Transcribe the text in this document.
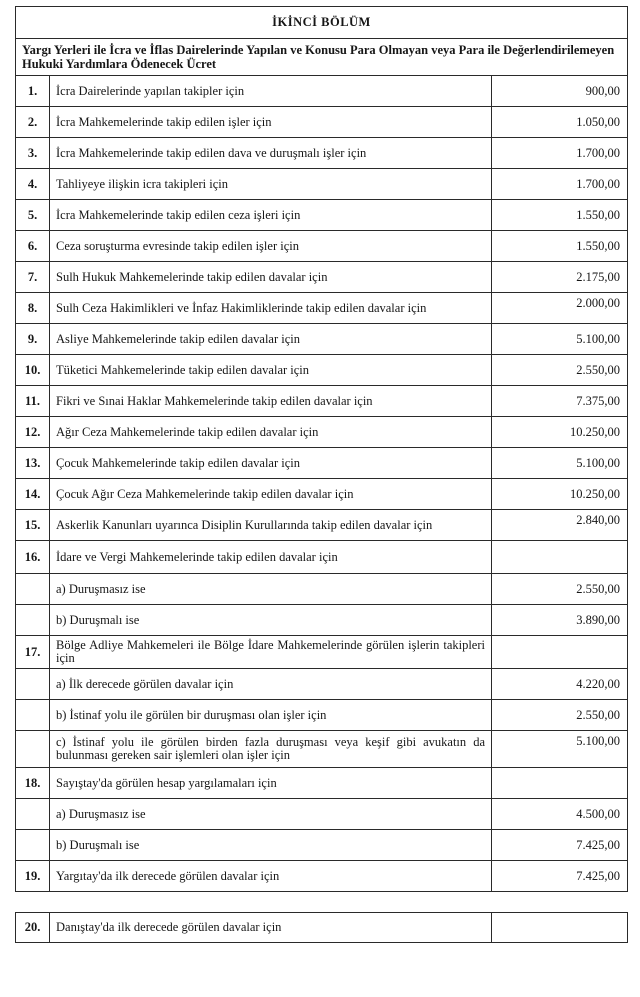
İKİNCİ BÖLÜM		
Yargı Yerleri ile İcra ve İflas Dairelerinde Yapılan ve Konusu Para Olmayan veya Para ile Değerlendirilemeyen Hukuki Yardımlara Ödenecek Ücret		
1.	İcra Dairelerinde yapılan takipler için	900,00
2.	İcra Mahkemelerinde takip edilen işler için	1.050,00
3.	İcra Mahkemelerinde takip edilen dava ve duruşmalı işler için	1.700,00
4.	Tahliyeye ilişkin icra takipleri için	1.700,00
5.	İcra Mahkemelerinde takip edilen ceza işleri için	1.550,00
6.	Ceza soruşturma evresinde takip edilen işler için	1.550,00
7.	Sulh Hukuk Mahkemelerinde takip edilen davalar için	2.175,00
8.	Sulh Ceza Hakimlikleri ve İnfaz Hakimliklerinde takip edilen davalar için	2.000,00
9.	Asliye Mahkemelerinde takip edilen davalar için	5.100,00
10.	Tüketici Mahkemelerinde takip edilen davalar için	2.550,00
11.	Fikri ve Sınai Haklar Mahkemelerinde takip edilen davalar için	7.375,00
12.	Ağır Ceza Mahkemelerinde takip edilen davalar için	10.250,00
13.	Çocuk Mahkemelerinde takip edilen davalar için	5.100,00
14.	Çocuk Ağır Ceza Mahkemelerinde takip edilen davalar için	10.250,00
15.	Askerlik Kanunları uyarınca Disiplin Kurullarında takip edilen davalar için	2.840,00
16.	İdare ve Vergi Mahkemelerinde takip edilen davalar için	
	a) Duruşmasız ise	2.550,00
	b) Duruşmalı ise	3.890,00
17.	Bölge Adliye Mahkemeleri ile Bölge İdare Mahkemelerinde görülen işlerin takipleri için	
	a) İlk derecede görülen davalar için	4.220,00
	b) İstinaf yolu ile görülen bir duruşması olan işler için	2.550,00
	c) İstinaf yolu ile görülen birden fazla duruşması veya keşif gibi avukatın da bulunması gereken sair işlemleri olan işler için	5.100,00
18.	Sayıştay'da görülen hesap yargılamaları için	
	a) Duruşmasız ise	4.500,00
	b) Duruşmalı ise	7.425,00
19.	Yargıtay'da ilk derecede görülen davalar için	7.425,00
20.	Danıştay'da ilk derecede görülen davalar için	
